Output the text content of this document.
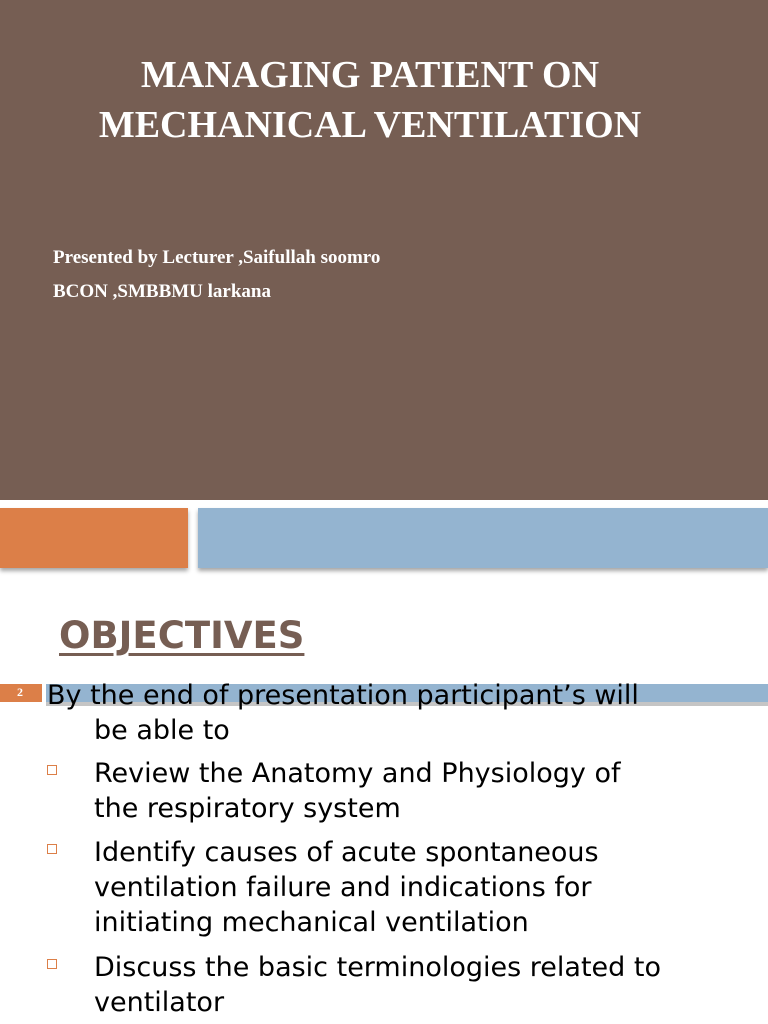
MANAGING PATIENT ON
MECHANICAL VENTILATION
Presented by Lecturer ,Saifullah soomro
BCON ,SMBBMU larkana
OBJECTIVES
2 By the end of presentation participant’s will
be able to
Review the Anatomy and Physiology of
the respiratory system
Identify causes of acute spontaneous
ventilation failure and indications for
initiating mechanical ventilation
Discuss the basic terminologies related to
ventilator
